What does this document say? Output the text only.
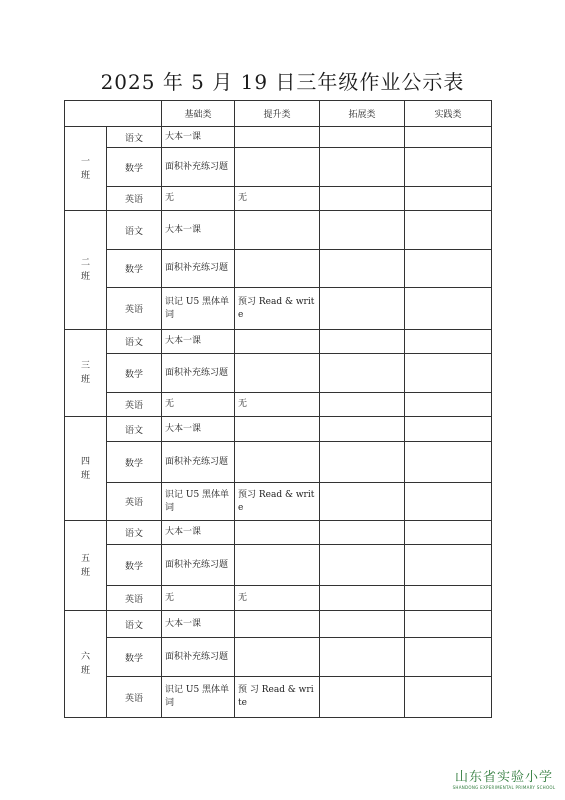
2025 年 5 月 19 日三年级作业公示表
		基础类	提升类	拓展类	实践类

一
班	语文	大本一课			
	数学	面积补充练习题			
	英语	无	无		

二
班	语文	大本一课			
	数学	面积补充练习题			
	英语	识记 U5 黑体单词	预习 Read & write		

三
班	语文	大本一课			
	数学	面积补充练习题			
	英语	无	无		

四
班	语文	大本一课			
	数学	面积补充练习题			
	英语	识记 U5 黑体单词	预习 Read & write		

五
班	语文	大本一课			
	数学	面积补充练习题			
	英语	无	无		

六
班	语文	大本一课			
	数学	面积补充练习题			
	英语	识记 U5 黑体单词	预 习 Read & write		
山东省实验小学
SHANDONG EXPERIMENTAL PRIMARY SCHOOL
